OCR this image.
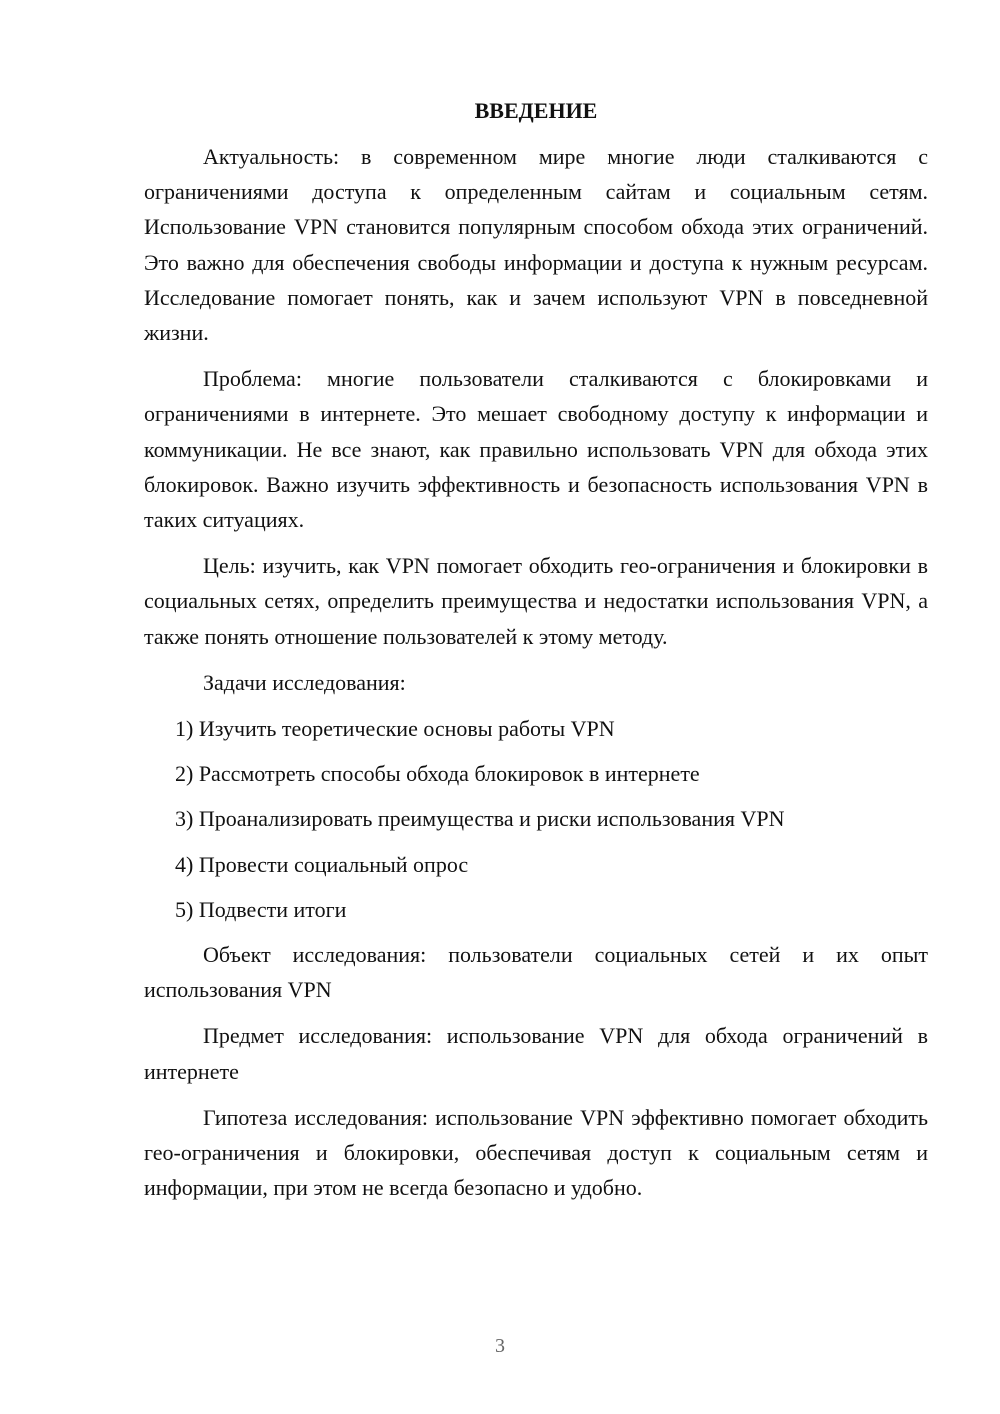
ВВЕДЕНИЕ

Актуальность: в современном мире многие люди сталкиваются с ограничениями доступа к определенным сайтам и социальным сетям. Использование VPN становится популярным способом обхода этих ограничений. Это важно для обеспечения свободы информации и доступа к нужным ресурсам. Исследование помогает понять, как и зачем используют VPN в повседневной жизни.

Проблема: многие пользователи сталкиваются с блокировками и ограничениями в интернете. Это мешает свободному доступу к информации и коммуникации. Не все знают, как правильно использовать VPN для обхода этих блокировок. Важно изучить эффективность и безопасность использования VPN в таких ситуациях.

Цель: изучить, как VPN помогает обходить гео-ограничения и блокировки в социальных сетях, определить преимущества и недостатки использования VPN, а также понять отношение пользователей к этому методу.

Задачи исследования:

1) Изучить теоретические основы работы VPN
2) Рассмотреть способы обхода блокировок в интернете
3) Проанализировать преимущества и риски использования VPN
4) Провести социальный опрос
5) Подвести итоги

Объект исследования: пользователи социальных сетей и их опыт использования VPN

Предмет исследования: использование VPN для обхода ограничений в интернете

Гипотеза исследования: использование VPN эффективно помогает обходить гео-ограничения и блокировки, обеспечивая доступ к социальным сетям и информации, при этом не всегда безопасно и удобно.

3
